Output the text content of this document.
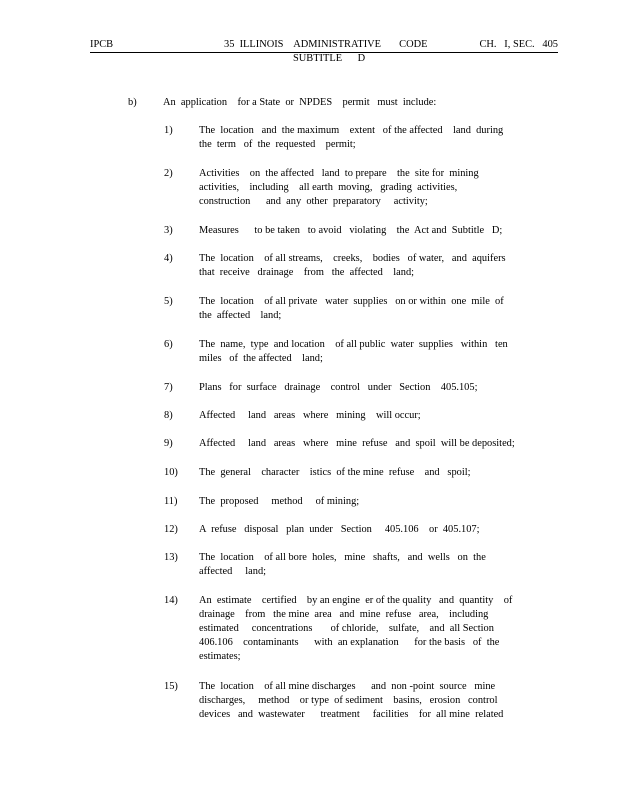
IPCB	35  ILLINOIS    ADMINISTRATIVE       CODE	CH.   I, SEC.   405
SUBTITLE      D
b)	An  application    for a State  or  NPDES    permit   must  include:
1)	The  location   and  the maximum    extent   of the affected    land  during
the  term   of  the  requested    permit;
2)	Activities    on  the affected   land  to prepare    the  site for  mining
activities,    including    all earth  moving,   grading  activities,
construction      and  any  other  preparatory     activity;
3)	Measures      to be taken   to avoid   violating    the  Act and  Subtitle   D;
4)	The  location    of all streams,    creeks,    bodies   of water,   and  aquifers
that  receive   drainage    from   the  affected    land;
5)	The  location    of all private   water  supplies   on or within  one  mile  of
the  affected    land;
6)	The  name,  type  and location    of all public  water  supplies   within   ten
miles   of  the affected    land;
7)	Plans   for  surface   drainage    control   under   Section    405.105;
8)	Affected     land   areas   where   mining    will occur;
9)	Affected     land   areas   where   mine  refuse   and  spoil  will be deposited;
10) The  general    character    istics  of the mine  refuse    and   spoil;
11) The  proposed     method     of mining;
12) A  refuse   disposal   plan  under   Section     405.106    or  405.107;
13) The  location    of all bore  holes,   mine   shafts,   and  wells   on  the
affected     land;
14) An  estimate    certified    by an engine  er of the quality   and  quantity    of
drainage    from   the mine  area   and  mine  refuse   area,    including
estimated     concentrations       of chloride,    sulfate,    and  all Section
406.106    contaminants      with  an explanation      for the basis   of  the
estimates;
15) The  location    of all mine discharges      and  non -point  source   mine
discharges,     method    or type  of sediment    basins,   erosion   control
devices   and  wastewater      treatment     facilities    for  all mine  related
